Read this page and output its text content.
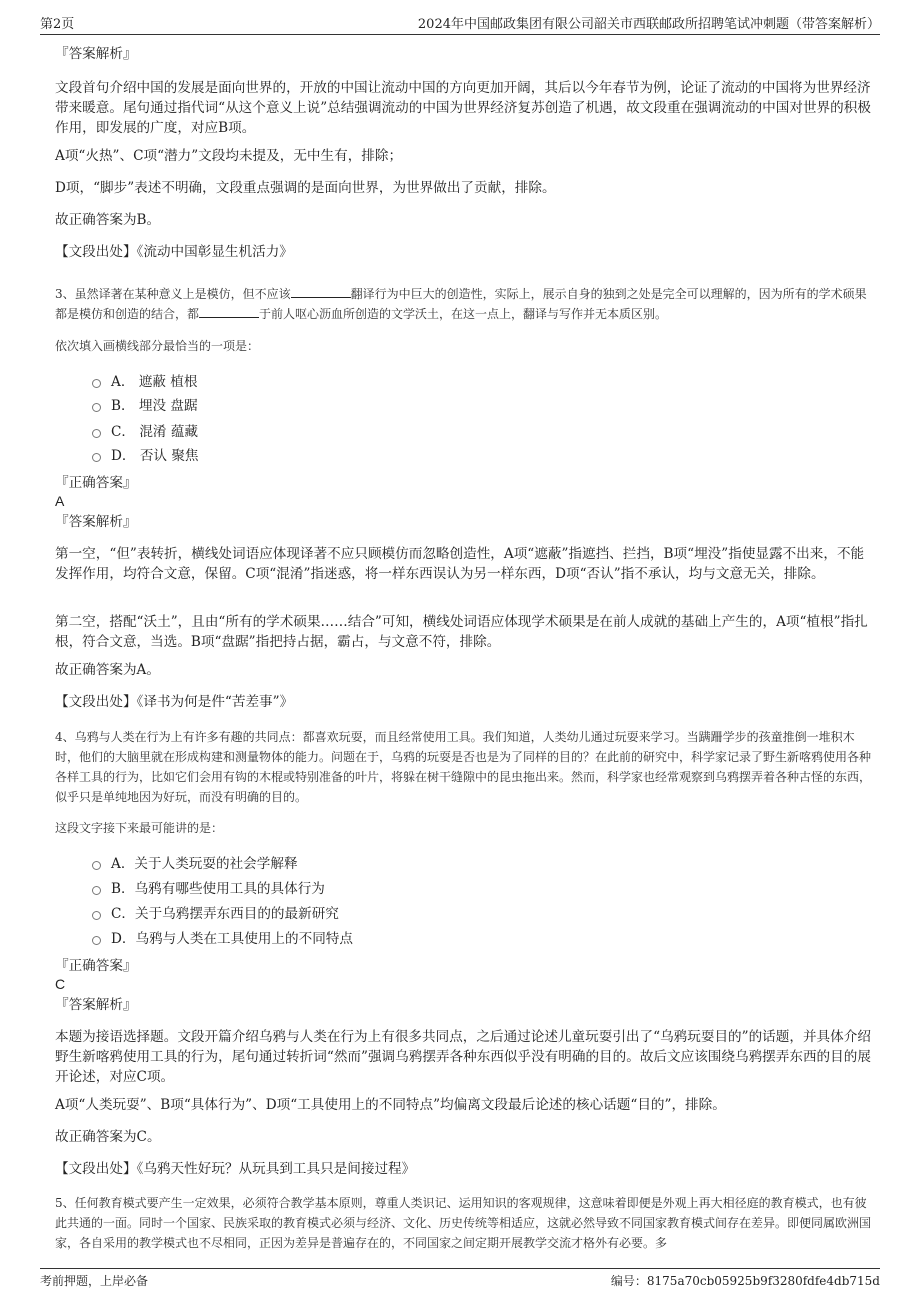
第2页	2024年中国邮政集团有限公司韶关市西联邮政所招聘笔试冲刺题（带答案解析）
『答案解析』
文段首句介绍中国的发展是面向世界的，开放的中国让流动中国的方向更加开阔，其后以今年春节为例，论证了流动的中国将为世界经济带来暖意。尾句通过指代词“从这个意义上说”总结强调流动的中国为世界经济复苏创造了机遇，故文段重在强调流动的中国对世界的积极作用，即发展的广度，对应B项。
A项“火热”、C项“潜力”文段均未提及，无中生有，排除；
D项，“脚步”表述不明确，文段重点强调的是面向世界，为世界做出了贡献，排除。
故正确答案为B。
【文段出处】《流动中国彰显生机活力》
3、虽然译著在某种意义上是模仿，但不应该	翻译行为中巨大的创造性，实际上，展示自身的独到之处是完全可以理解的，因为所有的学术硕果都是模仿和创造的结合，都	于前人呕心沥血所创造的文学沃土，在这一点上，翻译与写作并无本质区别。
依次填入画横线部分最恰当的一项是：
A． 遮蔽 植根
B． 埋没 盘踞
C． 混淆 蕴藏
D． 否认 聚焦
『正确答案』
A
『答案解析』
第一空，“但”表转折，横线处词语应体现译著不应只顾模仿而忽略创造性，A项“遮蔽”指遮挡、拦挡，B项“埋没”指使显露不出来，不能发挥作用，均符合文意，保留。C项“混淆”指迷惑，将一样东西误认为另一样东西，D项“否认”指不承认，均与文意无关，排除。
第二空，搭配“沃土”，且由“所有的学术硕果……结合”可知，横线处词语应体现学术硕果是在前人成就的基础上产生的，A项“植根”指扎根，符合文意，当选。B项“盘踞”指把持占据，霸占，与文意不符，排除。
故正确答案为A。
【文段出处】《译书为何是件“苦差事”》
4、乌鸦与人类在行为上有许多有趣的共同点：都喜欢玩耍，而且经常使用工具。我们知道，人类幼儿通过玩耍来学习。当蹒跚学步的孩童推倒一堆积木时，他们的大脑里就在形成构建和测量物体的能力。问题在于，乌鸦的玩耍是否也是为了同样的目的？在此前的研究中，科学家记录了野生新喀鸦使用各种各样工具的行为，比如它们会用有钩的木棍或特别准备的叶片，将躲在树干缝隙中的昆虫拖出来。然而，科学家也经常观察到乌鸦摆弄着各种古怪的东西，似乎只是单纯地因为好玩，而没有明确的目的。
这段文字接下来最可能讲的是：
A．关于人类玩耍的社会学解释
B．乌鸦有哪些使用工具的具体行为
C．关于乌鸦摆弄东西目的的最新研究
D．乌鸦与人类在工具使用上的不同特点
『正确答案』
C
『答案解析』
本题为接语选择题。文段开篇介绍乌鸦与人类在行为上有很多共同点，之后通过论述儿童玩耍引出了“乌鸦玩耍目的”的话题，并具体介绍野生新喀鸦使用工具的行为，尾句通过转折词“然而”强调乌鸦摆弄各种东西似乎没有明确的目的。故后文应该围绕乌鸦摆弄东西的目的展开论述，对应C项。
A项“人类玩耍”、B项“具体行为”、D项“工具使用上的不同特点”均偏离文段最后论述的核心话题“目的”，排除。
故正确答案为C。
【文段出处】《乌鸦天性好玩？从玩具到工具只是间接过程》
5、任何教育模式要产生一定效果，必须符合教学基本原则，尊重人类识记、运用知识的客观规律，这意味着即便是外观上再大相径庭的教育模式，也有彼此共通的一面。同时一个国家、民族采取的教育模式必须与经济、文化、历史传统等相适应，这就必然导致不同国家教育模式间存在差异。即便同属欧洲国家，各自采用的教学模式也不尽相同，正因为差异是普遍存在的，不同国家之间定期开展教学交流才格外有必要。多
考前押题，上岸必备	编号：8175a70cb05925b9f3280fdfe4db715d
